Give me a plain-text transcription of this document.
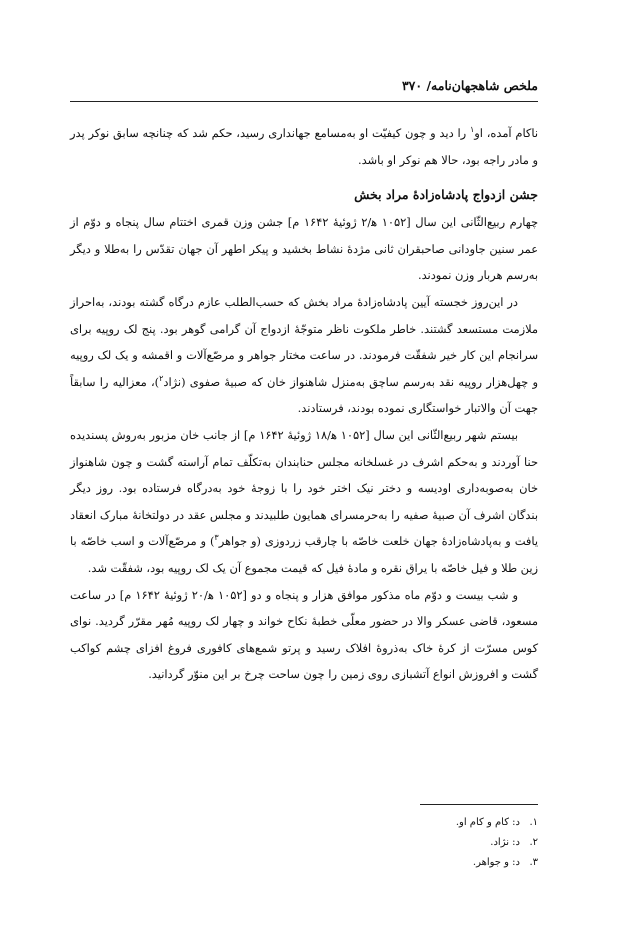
ملخص شاهجهان‌نامه/ ۳۷۰

ناکام آمده، او$^۱$ را دید و چون کیفیّت او به‌مسامع جهانداری رسید، حکم شد که چنانچه سابق نوکر پدر و مادر راجه بود، حالا هم نوکر او باشد.

جشن ازدواج پادشاه‌زادۀ مراد بخش

چهارم ربیع‌الثّانی این سال [۱۰۵۲ ه‍/۲ ژوئیهٔ ۱۶۴۲ م] جشن وزن قمری اختتام سال پنجاه و دوّم از عمر سنین جاودانی صاحبقران ثانی مژدۀ نشاط بخشید و پیکر اطهر آن جهان تقدّس را به‌طلا و دیگر به‌رسم هربار وزن نمودند.

در این‌روز خجسته آیین پادشاه‌زادۀ مراد بخش که حسب‌الطلب عازم درگاه گشته بودند، به‌احراز ملازمت مستسعد گشتند. خاطر ملکوت ناظر متوجّهٔ ازدواج آن گرامی گوهر بود. پنج لک روپیه برای سرانجام این کار خیر شفقّت فرمودند. در ساعت مختار جواهر و مرصّع‌آلات و اقمشه و یک لک روپیه و چهل‌هزار روپیه نقد به‌رسم ساچق به‌منزل شاهنواز خان که صبیهٔ صفوی (نژاد$^۲$)، معزالیه را سابقاً جهت آن والاتبار خواستگاری نموده بودند، فرستادند.

بیستم شهر ربیع‌الثّانی این سال [۱۰۵۲ ه‍/۱۸ ژوئیهٔ ۱۶۴۲ م] از جانب خان مزبور به‌روش پسندیده حنا آوردند و به‌حکم اشرف در غسلخانه مجلس حنابندان به‌تکلّف تمام آراسته گشت و چون شاهنواز خان به‌صوبه‌داری اودیسه و دختر نیک اختر خود را با زوجهٔ خود به‌درگاه فرستاده بود. روز دیگر بندگان اشرف آن صبیهٔ صفیه را به‌حرمسرای همایون طلبیدند و مجلس عقد در دولتخانهٔ مبارک انعقاد یافت و به‌پادشاه‌زادۀ جهان خلعت خاصّه با چارقب زردوزی (و جواهر$^۳$) و مرصّع‌آلات و اسب خاصّه با زین طلا و فیل خاصّه با یراق نقره و مادهٔ فیل که قیمت مجموع آن یک لک روپیه بود، شفقّت شد.

و شب بیست و دوّم ماه مذکور موافق هزار و پنجاه و دو [۱۰۵۲ ه‍/۲۰ ژوئیهٔ ۱۶۴۲ م] در ساعت مسعود، قاضی عسکر والا در حضور معلّی خطبهٔ نکاح خواند و چهار لک روپیه مُهر مقرّر گردید. نوای کوس مسرّت از کرۀ خاک به‌ذروۀ افلاک رسید و پرتو شمع‌های کافوری فروغ افزای چشم کواکب گشت و افروزش انواع آتشبازی روی زمین را چون ساحت چرخ بر این منوّر گردانید.

۱.د: کام و کام او.
۲.د: نژاد.
۳.د: و جواهر.
